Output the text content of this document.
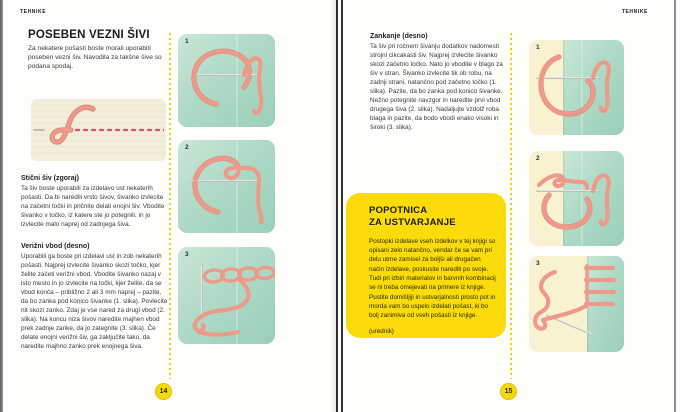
TEHNIKE
POSEBEN VEZNI ŠIVI
Za nekatere pošasti boste morali uporabiti poseben vezni šiv. Navodila za takšne šive so podana spodaj.
Stični šiv (zgoraj)
Ta šiv boste uporabili za izdelavo ust nekaterih pošasti. Da bi naredili vrsto šivov, šivanko izvlecite na začetni točki in pričnite delati enojni šiv. Vbodite šivanko v točko, iz katere ste jo potegnili, in jo izvlecite malo naprej od zadnjega šiva.
Verižni vbod (desno)
Uporabili ga boste pri izdelavi ust in zob nekaterih pošasti. Najprej izvlecite šivanko skozi točko, kjer želite začeti verižni vbod. Vbodite šivanko nazaj v isto mesto in jo izvlecite na točki, kjer želite, da se vbod konča – približno 2 ali 3 mm naprej – pazite, da bo zanka pod konico šivanke (1. slika). Povlecite nit skozi zanko. Zdaj je vse nared za drugi vbod (2. slika). Na koncu niza šivov naredite majhen vbod prek zadnje zanke, da jo zategnite (3. slika). Če delate enojni verižni šiv, ga zaključite tako, da naredite majhno zanko prek enojnega šiva.
14
1
2
3
TEHNIKE
Zankanje (desno)
Ta šiv pri ročnem šivanju dodatkov nadomesti strojni cikcakasti šiv. Najprej izvlecite šivanko skozi začetno točko. Nato jo vbodite v blago za šiv v stran. Šivanko izvlecite tik ob robu, na zadnji strani, natančno pod začetno točko (1. slika). Pazite, da bo zanka pod konico šivanke. Nežno potegnite navzgor in naredite prvi vbod drugega šiva (2. slika). Nadaljujte vzdolž roba blaga in pazite, da bodo vbodi enako visoki in široki (3. slika).
POPOTNICA
ZA USTVARJANJE
Postopki izdelave vseh izdelkov v tej knjigi so opisani zelo natančno, vendar če se vam pri delu utrne zamisel za boljši ali drugačen način izdelave, poskusite narediti po svoje. Tudi pri izbiri materialov in barvnih kombinacij se ni treba omejevati na primere iz knjige. Pustite domišljiji in ustvarjalnosti prosto pot in morda vam bo uspelo izdelati pošast, ki bo bolj zanimiva od vseh pošasti iz knjige.
(urednik)
15
1
2
3
